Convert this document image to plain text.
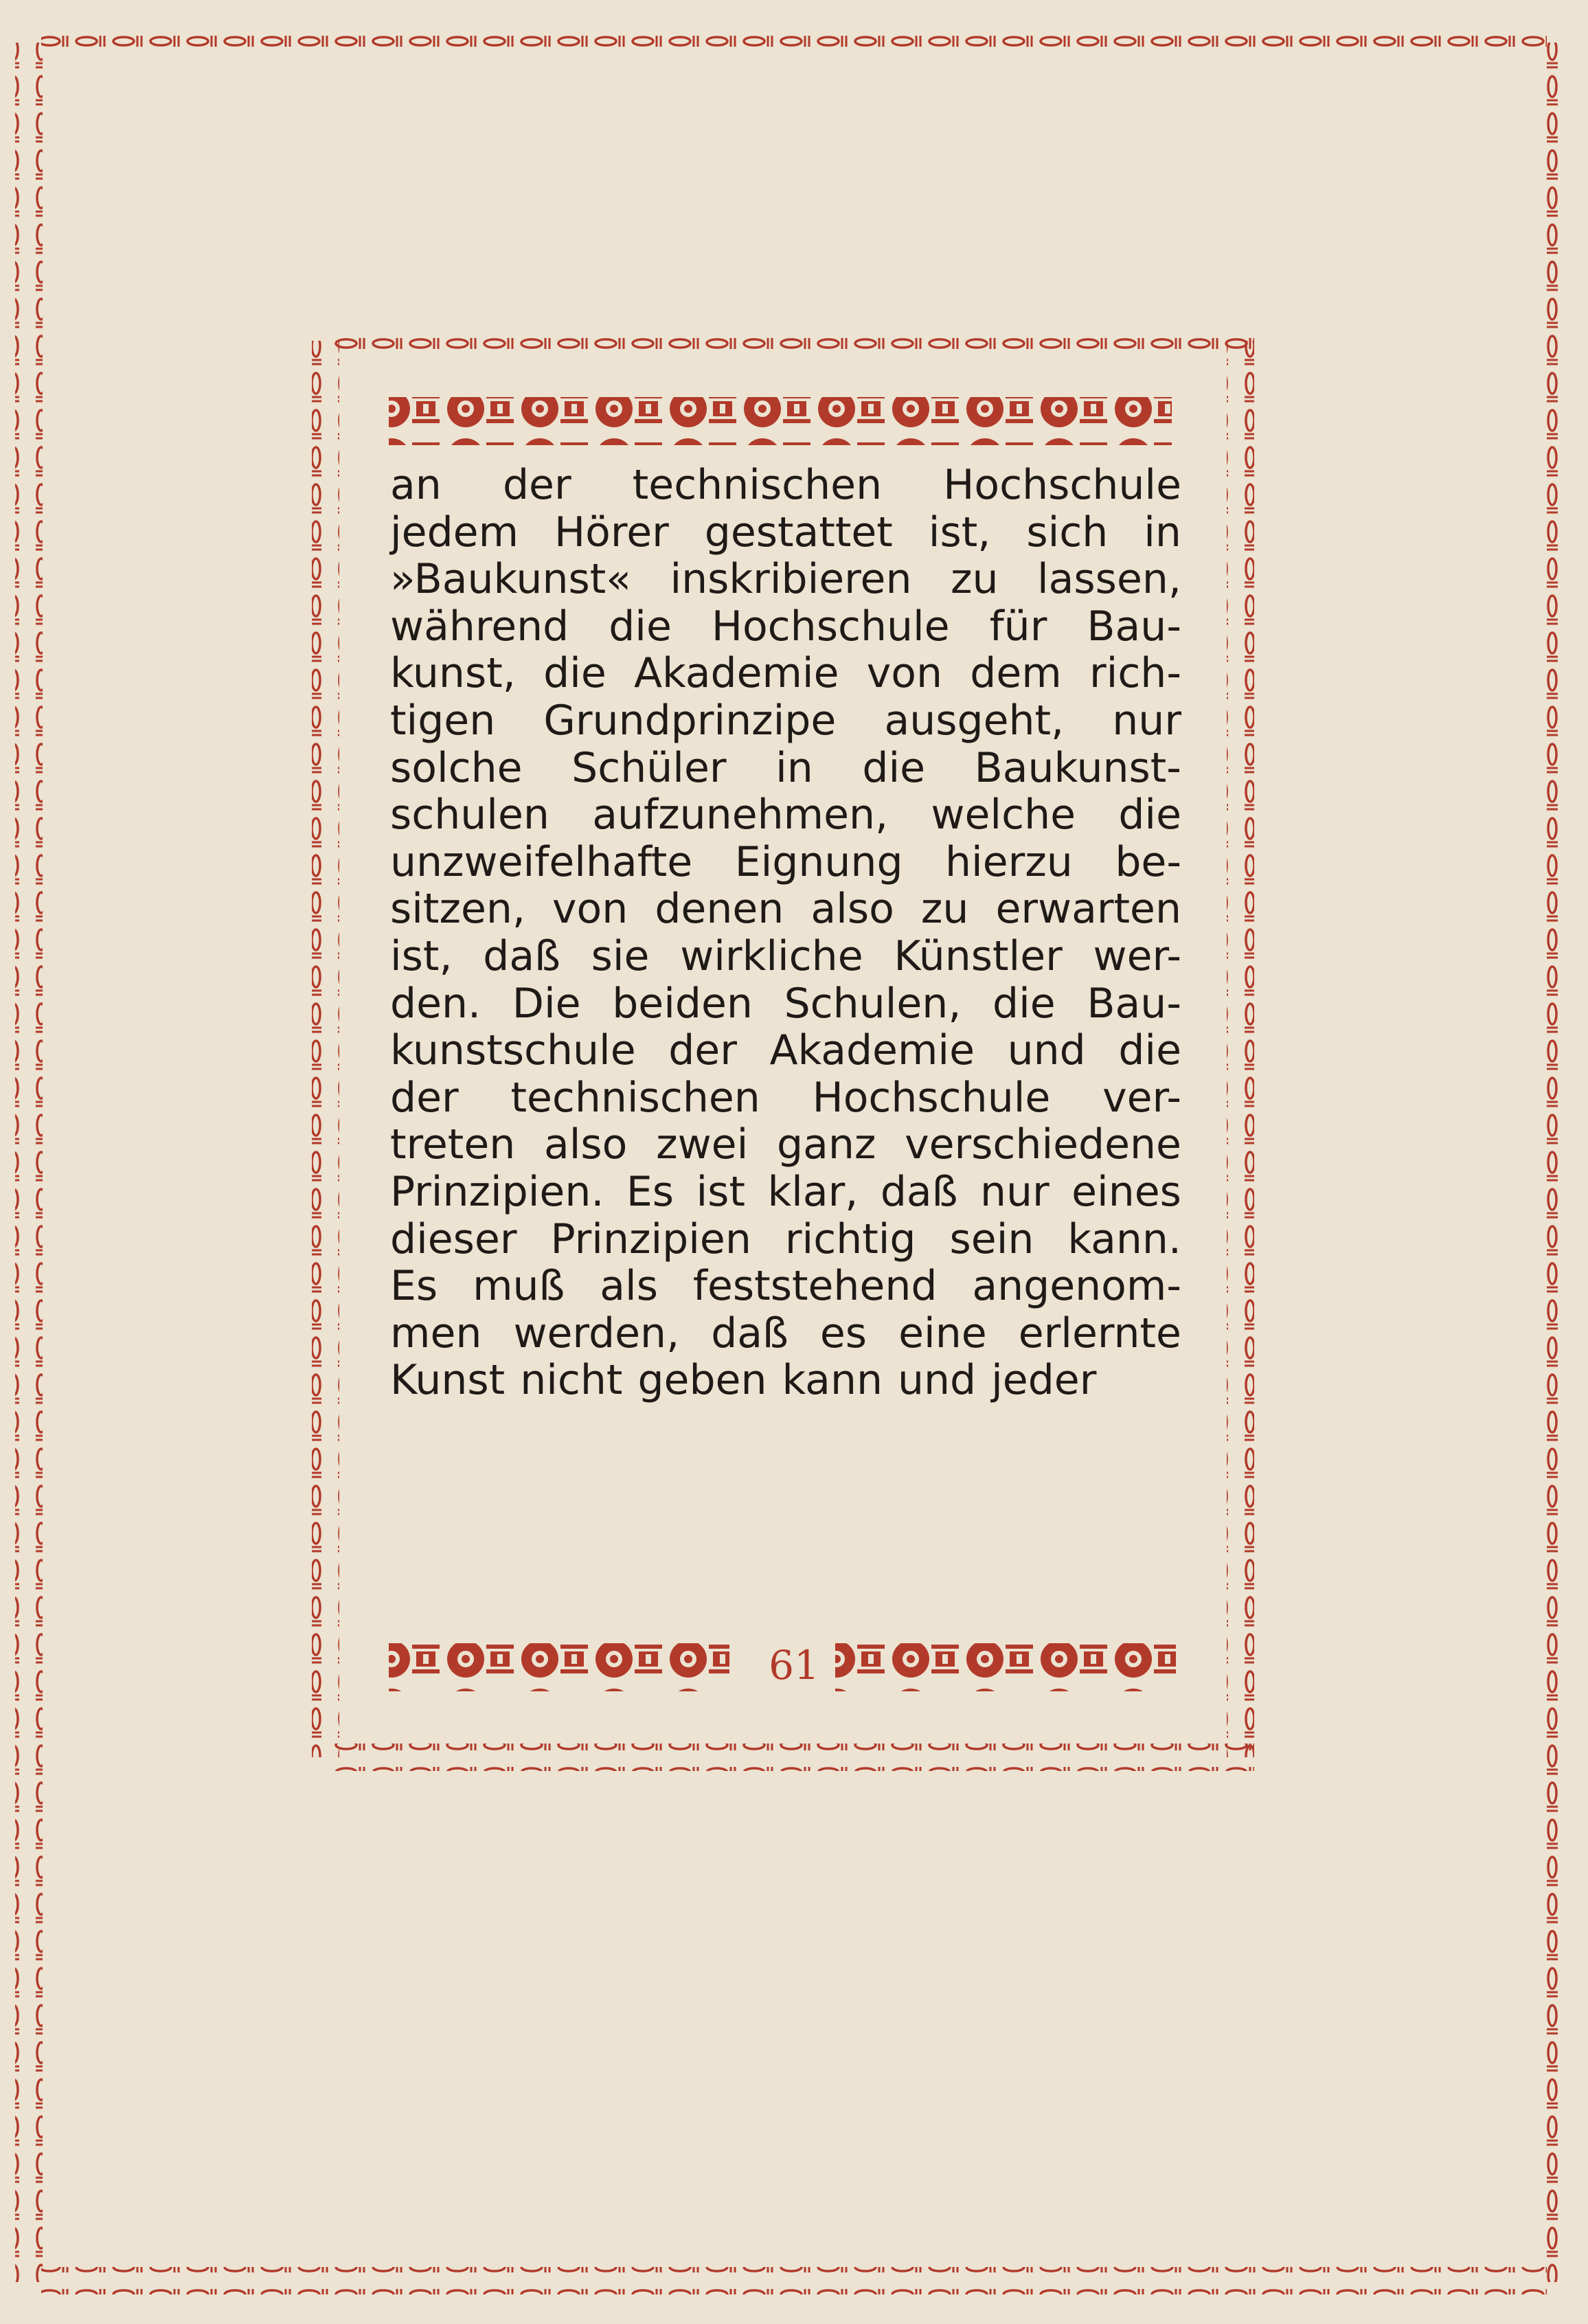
an der technischen Hochschule
jedem Hörer gestattet ist, sich in
»Baukunst« inskribieren zu lassen,
während die Hochschule für Bau-
kunst, die Akademie von dem rich-
tigen Grundprinzipe ausgeht, nur
solche Schüler in die Baukunst-
schulen aufzunehmen, welche die
unzweifelhafte Eignung hierzu be-
sitzen, von denen also zu erwarten
ist, daß sie wirkliche Künstler wer-
den. Die beiden Schulen, die Bau-
kunstschule der Akademie und die
der technischen Hochschule ver-
treten also zwei ganz verschiedene
Prinzipien. Es ist klar, daß nur eines
dieser Prinzipien richtig sein kann.
Es muß als feststehend angenom-
men werden, daß es eine erlernte
Kunst nicht geben kann und jeder
61
